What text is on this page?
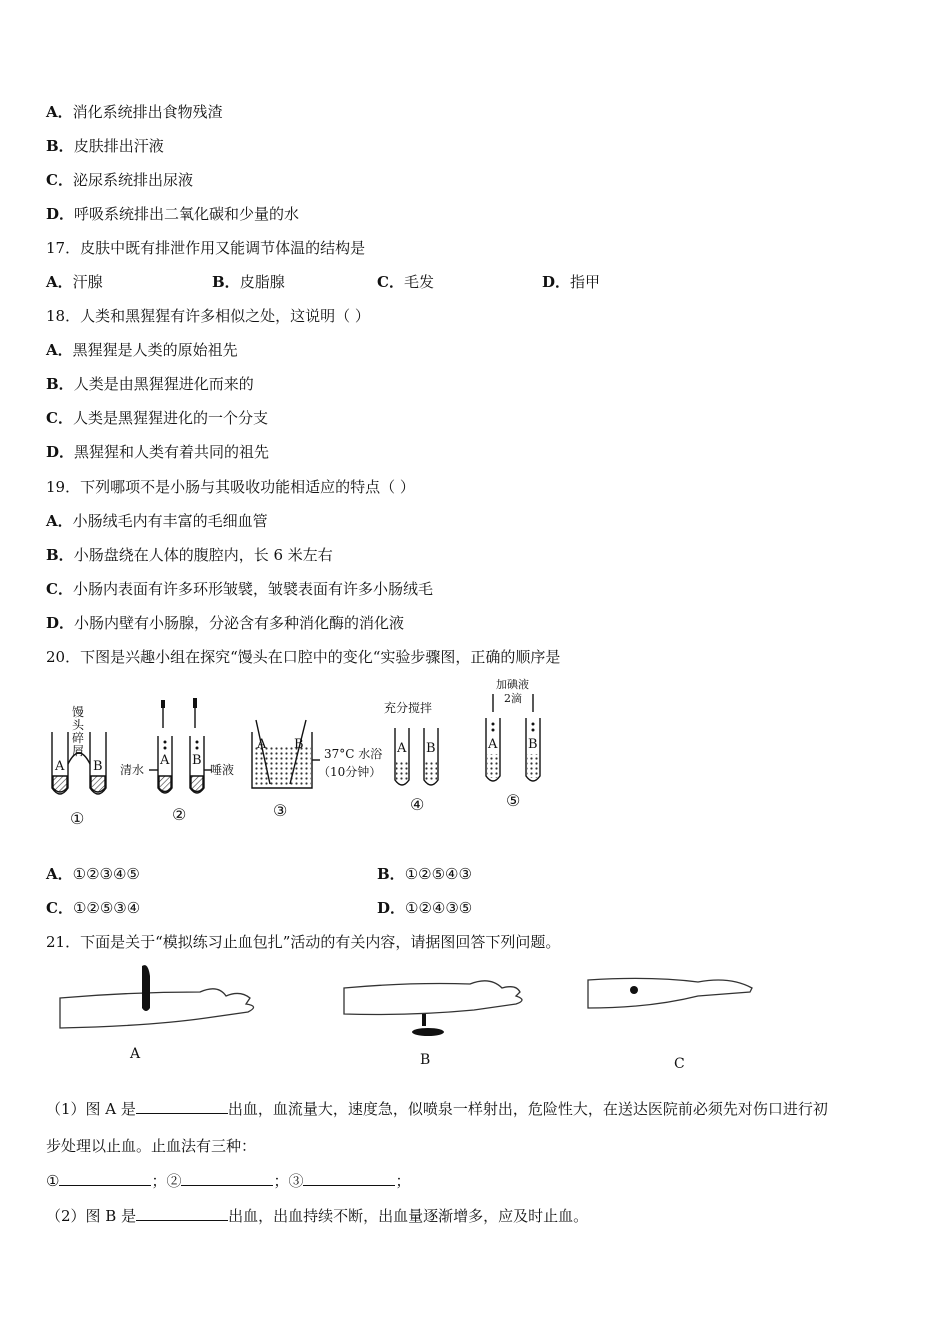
A．消化系统排出食物残渣
B．皮肤排出汗液
C．泌尿系统排出尿液
D．呼吸系统排出二氧化碳和少量的水
17．皮肤中既有排泄作用又能调节体温的结构是
A．汗腺	B．皮脂腺	C．毛发	D．指甲
18．人类和黑猩猩有许多相似之处，这说明（ ）
A．黑猩猩是人类的原始祖先
B．人类是由黑猩猩进化而来的
C．人类是黑猩猩进化的一个分支
D．黑猩猩和人类有着共同的祖先
19．下列哪项不是小肠与其吸收功能相适应的特点（ ）
A．小肠绒毛内有丰富的毛细血管
B．小肠盘绕在人体的腹腔内，长 6 米左右
C．小肠内表面有许多环形皱襞，皱襞表面有许多小肠绒毛
D．小肠内壁有小肠腺，分泌含有多种消化酶的消化液
20．下图是兴趣小组在探究“馒头在口腔中的变化“实验步骤图，正确的顺序是
A B	A B
A B	A B	A B
清水	唾液
37°C 水浴
（10分钟）
充分搅拌
加碘液
2滴
①	②	③	④	⑤
馒头碎屑
A．①②③④⑤	B．①②⑤④③
C．①②⑤③④	D．①②④③⑤
21．下面是关于“模拟练习止血包扎”活动的有关内容，请据图回答下列问题。
A	B	C
（1）图 A 是	出血，血流量大，速度急，似喷泉一样射出，危险性大，在送达医院前必须先对伤口进行初
步处理以止血。止血法有三种：
①	；②	；③	；
（2）图 B 是	出血，出血持续不断，出血量逐渐增多，应及时止血。
